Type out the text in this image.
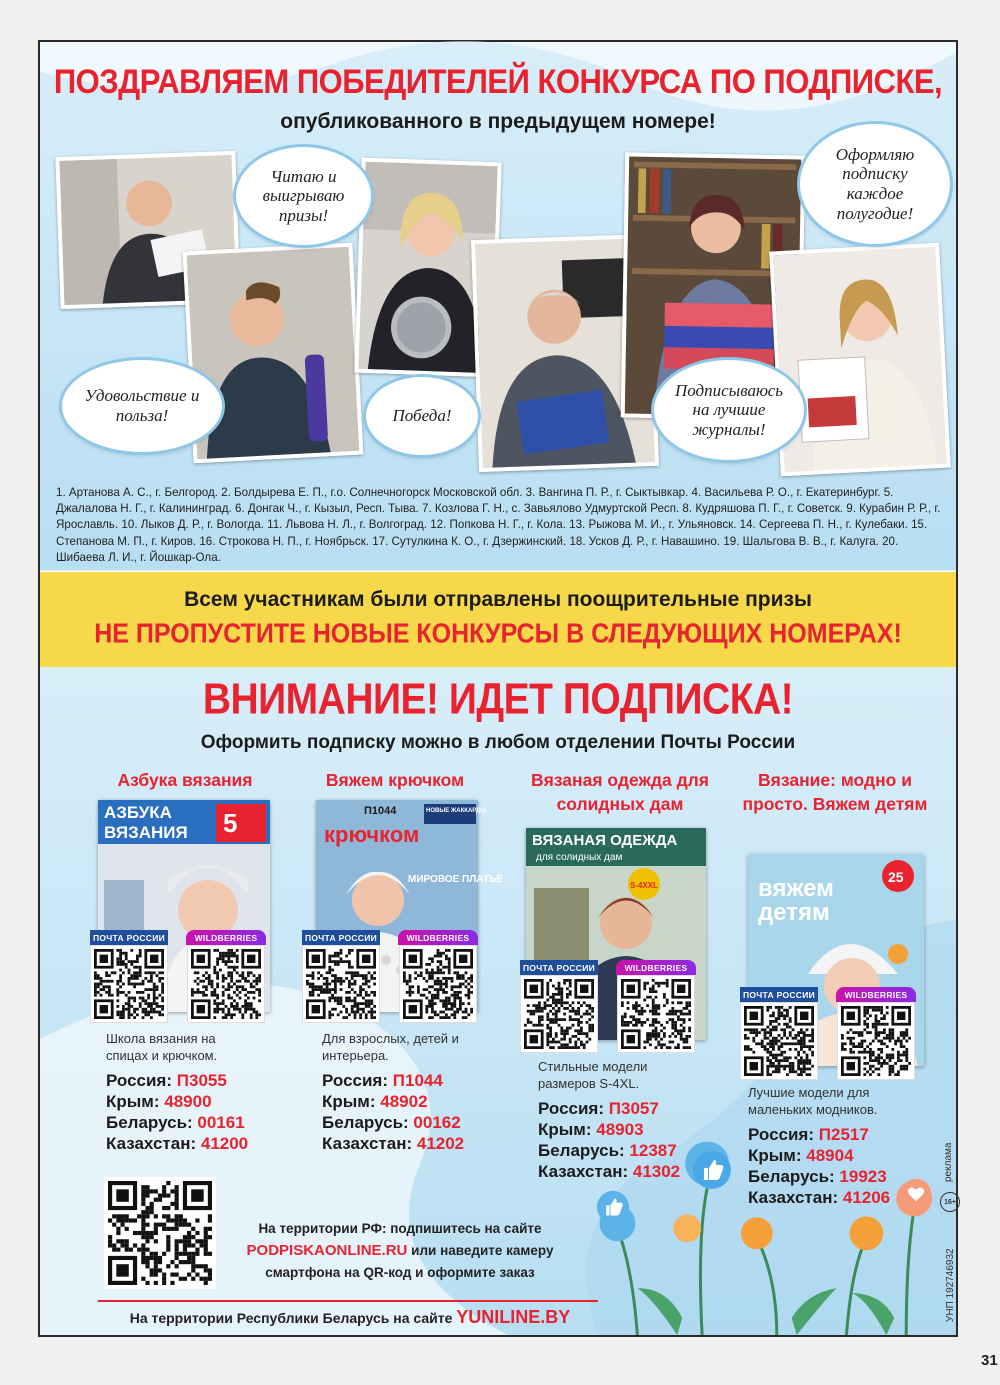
ПОЗДРАВЛЯЕМ ПОБЕДИТЕЛЕЙ КОНКУРСА ПО ПОДПИСКЕ,
опубликованного в предыдущем номере!
Читаю и выигрываю призы!
Оформляю подписку каждое полугодие!
Удовольствие и польза!	Победа!
Подписываюсь на лучшие журналы!
1. Артанова А. С., г. Белгород. 2. Болдырева Е. П., г.о. Солнечногорск Московской обл. 3. Вангина П. Р., г. Сыктывкар. 4. Васильева Р. О., г. Екатеринбург. 5. Джалалова Н. Г., г. Калининград. 6. Донгак Ч., г. Кызыл, Респ. Тыва. 7. Козлова Г. Н., с. Завьялово Удмуртской Респ. 8. Кудряшова П. Г., г. Советск. 9. Курабин Р. Р., г. Ярославль. 10. Лыков Д. Р., г. Вологда. 11. Львова Н. Л., г. Волгоград. 12. Попкова Н. Г., г. Кола. 13. Рыжова М. И., г. Ульяновск. 14. Сергеева П. Н., г. Кулебаки. 15. Степанова М. П., г. Киров. 16. Строкова Н. П., г. Ноябрьск. 17. Сутулкина К. О., г. Дзержинский. 18. Усков Д. Р., г. Навашино. 19. Шальгова В. В., г. Калуга. 20. Шибаева Л. И., г. Йошкар-Ола.
Всем участникам были отправлены поощрительные призы
НЕ ПРОПУСТИТЕ НОВЫЕ КОНКУРСЫ В СЛЕДУЮЩИХ НОМЕРАХ!
ВНИМАНИЕ! ИДЕТ ПОДПИСКА!
Оформить подписку можно в любом отделении Почты России
Азбука вязания
АЗБУКА
ВЯЗАНИЯ 5
ПОЧТА РОССИИ	WILDBERRIES
Школа вязания на спицах и крючком.
Россия: П3055
Крым: 48900
Беларусь: 00161
Казахстан: 41200
Вяжем крючком
П1044
крючком
НОВЫЕ ЖАККАРДЫ
МИРОВОЕ ПЛАТЬЕ
ПОЧТА РОССИИ	WILDBERRIES
Для взрослых, детей и интерьера.
Россия: П1044
Крым: 48902
Беларусь: 00162
Казахстан: 41202
Вязаная одежда для солидных дам
ВЯЗАНАЯ ОДЕЖДА
для солидных дам
S-4XXL
ПОЧТА РОССИИ	WILDBERRIES
Стильные модели размеров S-4XL.
Россия: П3057
Крым: 48903
Беларусь: 12387
Казахстан: 41302
Вязание: модно и просто. Вяжем детям
вяжем
детям
25
ПОЧТА РОССИИ	WILDBERRIES
Лучшие модели для маленьких модников.
Россия: П2517
Крым: 48904
Беларусь: 19923
Казахстан: 41206
На территории РФ: подпишитесь на сайте
PODPISKAONLINE.RU или наведите камеру
смартфона на QR-код и оформите заказ
На территории Республики Беларусь на сайте YUNILINE.BY
реклама
16+
УНП 192746932
31
